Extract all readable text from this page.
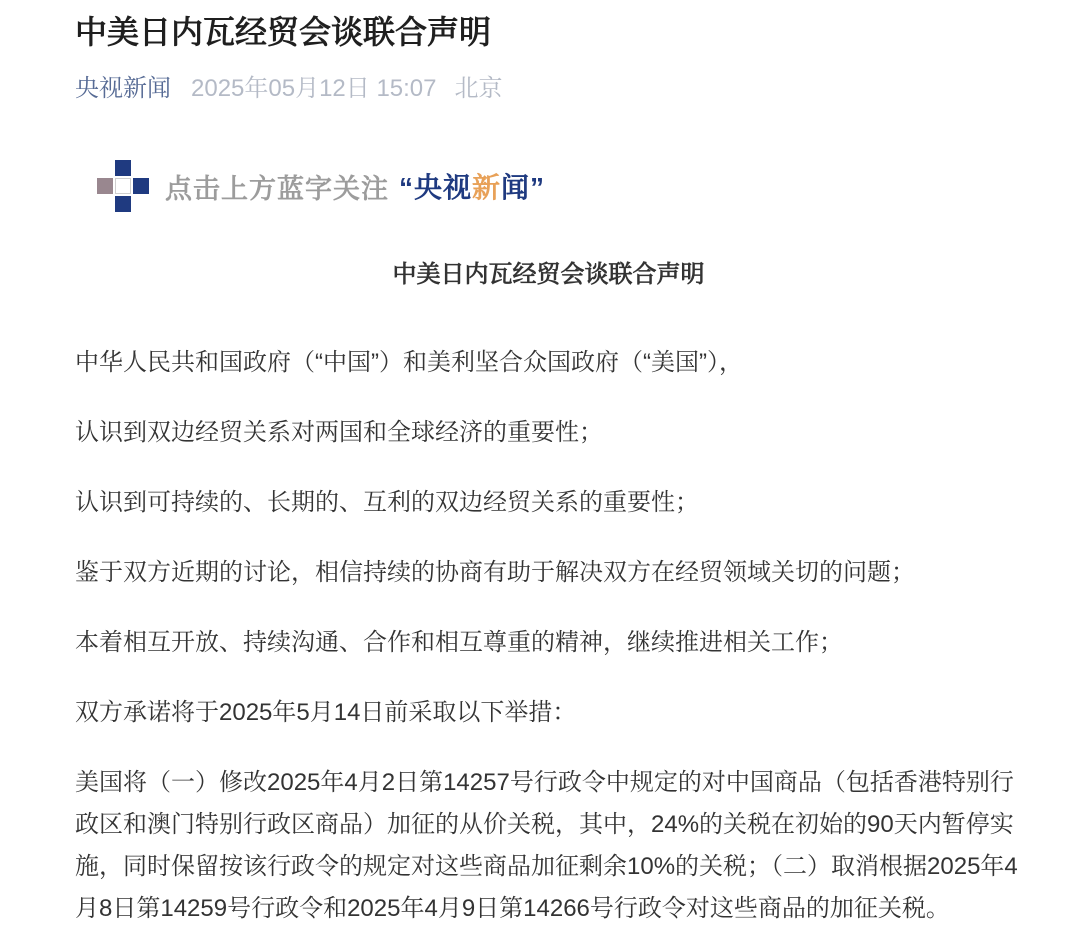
中美日内瓦经贸会谈联合声明
央视新闻 2025年05月12日 15:07 北京
点击上方蓝字关注 “央视新闻”
中美日内瓦经贸会谈联合声明

中华人民共和国政府（“中国”）和美利坚合众国政府（“美国”），

认识到双边经贸关系对两国和全球经济的重要性；

认识到可持续的、长期的、互利的双边经贸关系的重要性；

鉴于双方近期的讨论，相信持续的协商有助于解决双方在经贸领域关切的问题；

本着相互开放、持续沟通、合作和相互尊重的精神，继续推进相关工作；

双方承诺将于2025年5月14日前采取以下举措：

美国将（一）修改2025年4月2日第14257号行政令中规定的对中国商品（包括香港特别行政区和澳门特别行政区商品）加征的从价关税，其中，24%的关税在初始的90天内暂停实施，同时保留按该行政令的规定对这些商品加征剩余10%的关税；（二）取消根据2025年4月8日第14259号行政令和2025年4月9日第14266号行政令对这些商品的加征关税。
